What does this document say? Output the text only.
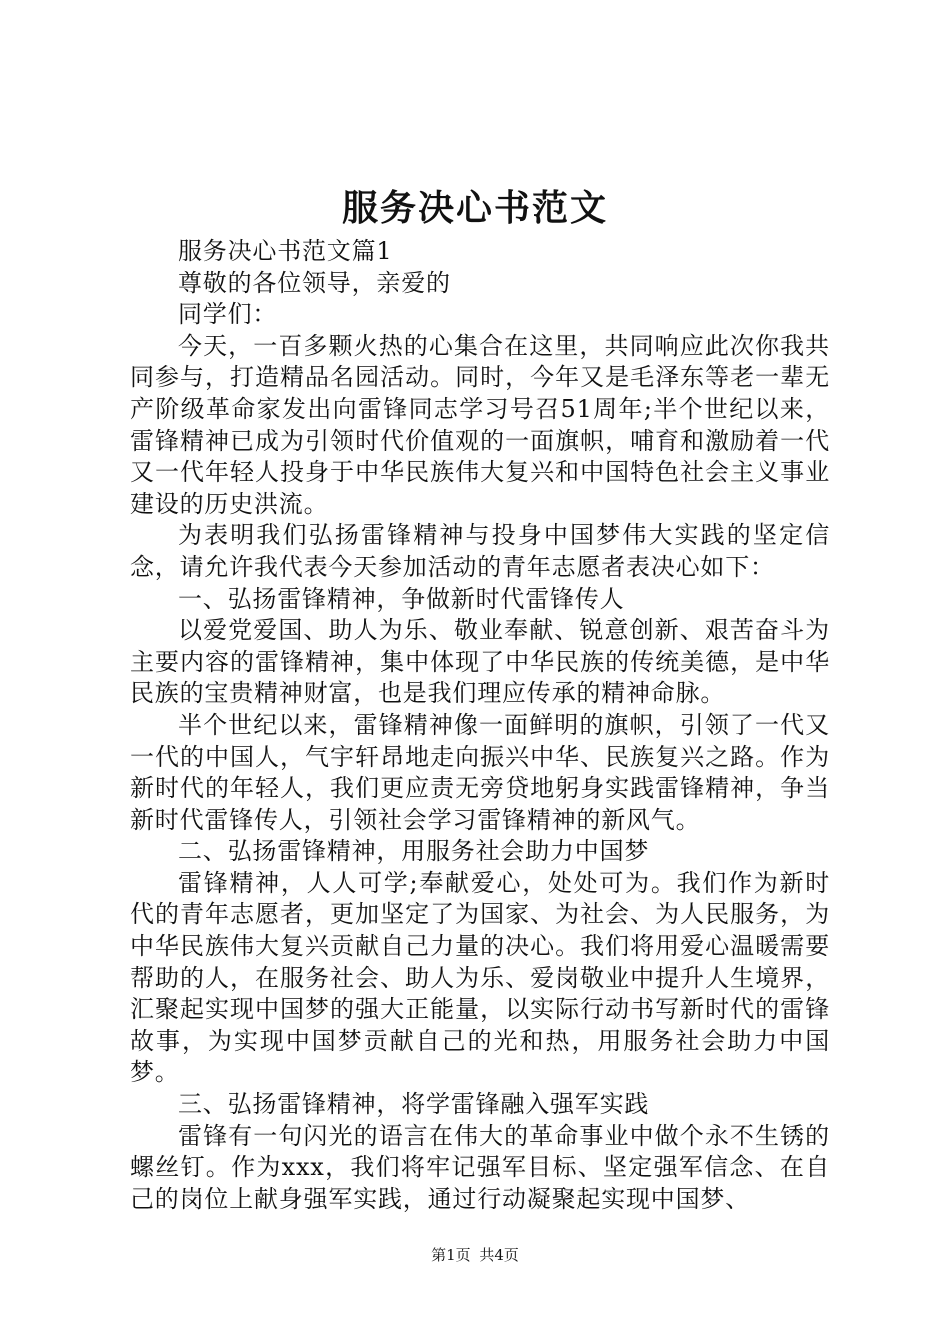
服务决心书范文

服务决心书范文篇1

尊敬的各位领导，亲爱的

同学们：

今天，一百多颗火热的心集合在这里，共同响应此次你我共同参与，打造精品名园活动。同时，今年又是毛泽东等老一辈无产阶级革命家发出向雷锋同志学习号召51周年;半个世纪以来，雷锋精神已成为引领时代价值观的一面旗帜，哺育和激励着一代又一代年轻人投身于中华民族伟大复兴和中国特色社会主义事业建设的历史洪流。

为表明我们弘扬雷锋精神与投身中国梦伟大实践的坚定信念，请允许我代表今天参加活动的青年志愿者表决心如下：

一、弘扬雷锋精神，争做新时代雷锋传人

以爱党爱国、助人为乐、敬业奉献、锐意创新、艰苦奋斗为主要内容的雷锋精神，集中体现了中华民族的传统美德，是中华民族的宝贵精神财富，也是我们理应传承的精神命脉。

半个世纪以来，雷锋精神像一面鲜明的旗帜，引领了一代又一代的中国人，气宇轩昂地走向振兴中华、民族复兴之路。作为新时代的年轻人，我们更应责无旁贷地躬身实践雷锋精神，争当新时代雷锋传人，引领社会学习雷锋精神的新风气。

二、弘扬雷锋精神，用服务社会助力中国梦

雷锋精神，人人可学;奉献爱心，处处可为。我们作为新时代的青年志愿者，更加坚定了为国家、为社会、为人民服务，为中华民族伟大复兴贡献自己力量的决心。我们将用爱心温暖需要帮助的人，在服务社会、助人为乐、爱岗敬业中提升人生境界，汇聚起实现中国梦的强大正能量，以实际行动书写新时代的雷锋故事，为实现中国梦贡献自己的光和热，用服务社会助力中国梦。

三、弘扬雷锋精神，将学雷锋融入强军实践

雷锋有一句闪光的语言在伟大的革命事业中做个永不生锈的螺丝钉。作为xxx，我们将牢记强军目标、坚定强军信念、在自己的岗位上献身强军实践，通过行动凝聚起实现中国梦、

第1页 共4页
